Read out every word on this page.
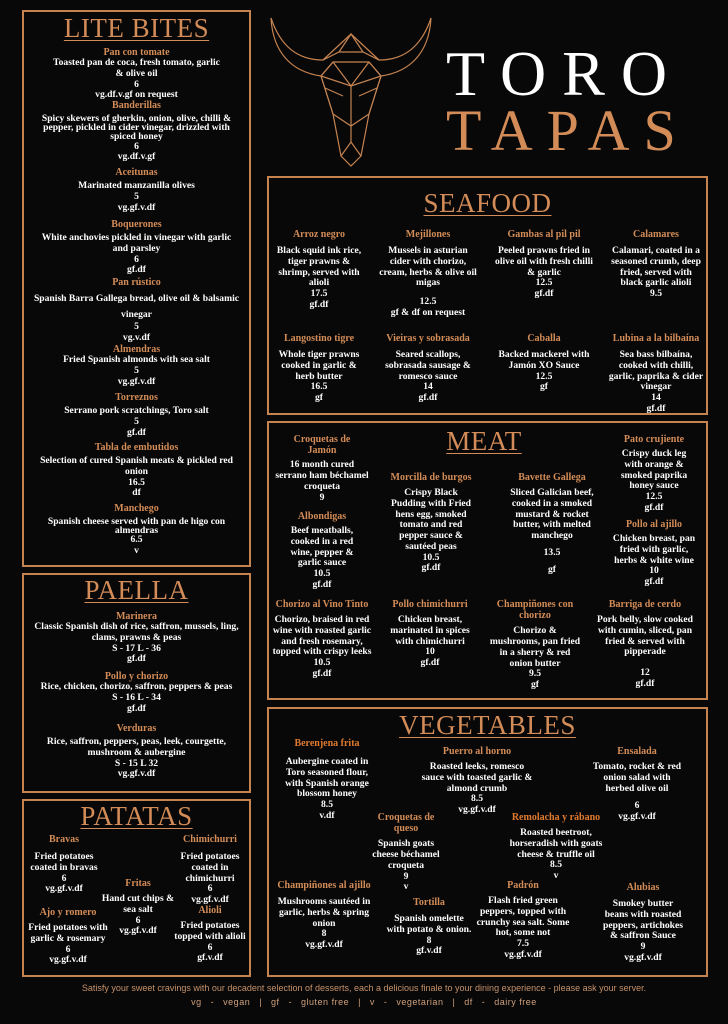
TORO
TAPAS
LITE BITES
PAELLA
PATATAS
SEAFOOD
MEAT
VEGETABLES
Pan con tomate
Toasted pan de coca, fresh tomato, garlic & olive oil
6
vg.df.v.gf on request
Banderillas
Spicy skewers of gherkin, onion, olive, chilli & pepper, pickled in cider vinegar, drizzled with spiced honey
6
vg.df.v.gf
Aceitunas
Marinated manzanilla olives
5
vg.gf.v.df
Boquerones
White anchovies pickled in vinegar with garlic and parsley
6
gf.df
Pan rústico
Spanish Barra Gallega bread, olive oil & balsamic vinegar
5
vg.v.df
Almendras
Fried Spanish almonds with sea salt
5
vg.gf.v.df
Torreznos
Serrano pork scratchings, Toro salt
5
gf.df
Tabla de embutidos
Selection of cured Spanish meats & pickled red onion
16.5
df
Manchego
Spanish cheese served with pan de higo con almendras
6.5
v
Marinera
Classic Spanish dish of rice, saffron, mussels, ling, clams, prawns & peas
S - 17 L - 36
gf.df
Pollo y chorizo
Rice, chicken, chorizo, saffron, peppers & peas
S - 16 L - 34
gf.df
Verduras
Rice, saffron, peppers, peas, leek, courgette, mushroom & aubergine
S - 15 L 32
vg.gf.v.df
Bravas
Fried potatoes coated in bravas
6
vg.gf.v.df
Chimichurri
Fried potatoes coated in chimichurri
6
vg.gf.v.df
Fritas
Hand cut chips & sea salt
6
vg.gf.v.df
Ajo y romero
Fried potatoes with garlic & rosemary
6
vg.gf.v.df
Alioli
Fried potatoes topped with alioli
6
gf.v.df
Arroz negro
Black squid ink rice, tiger prawns & shrimp, served with alioli
17.5
gf.df
Mejillones
Mussels in asturian cider with chorizo, cream, herbs & olive oil migas
12.5
gf & df on request
Gambas al pil pil
Peeled prawns fried in olive oil with fresh chilli & garlic
12.5
gf.df
Calamares
Calamari, coated in a seasoned crumb, deep fried, served with black garlic alioli
9.5
Langostino tigre
Whole tiger prawns cooked in garlic & herb butter
16.5
gf
Vieiras y sobrasada
Seared scallops, sobrasada sausage & romesco sauce
14
gf.df
Caballa
Backed mackerel with Jamón XO Sauce
12.5
gf
Lubina a la bilbaína
Sea bass bilbaína, cooked with chilli, garlic, paprika & cider vinegar
14
gf.df
Croquetas de Jamón
16 month cured serrano ham béchamel croqueta
9
Albondigas
Beef meatballs, cooked in a red wine, pepper & garlic sauce
10.5
gf.df
Morcilla de burgos
Crispy Black Pudding with Fried hens egg, smoked tomato and red pepper sauce & sautéed peas
10.5
gf.df
Bavette Gallega
Sliced Galician beef, cooked in a smoked mustard & rocket butter, with melted manchego
13.5
gf
Pato crujiente
Crispy duck leg with orange & smoked paprika honey sauce
12.5
gf.df
Pollo al ajillo
Chicken breast, pan fried with garlic, herbs & white wine
10
gf.df
Chorizo al Vino Tinto
Chorizo, braised in red wine with roasted garlic and fresh rosemary, topped with crispy leeks
10.5
gf.df
Pollo chimichurri
Chicken breast, marinated in spices with chimichurri
10
gf.df
Champiñones con chorizo
Chorizo & mushrooms, pan fried in a sherry & red onion butter
9.5
gf
Barriga de cerdo
Pork belly, slow cooked with cumin, sliced, pan fried & served with pipperade
12
gf.df
Berenjena frita
Aubergine coated in Toro seasoned flour, with Spanish orange blossom honey
8.5
v.df
Puerro al horno
Roasted leeks, romesco sauce with toasted garlic & almond crumb
8.5
vg.gf.v.df
Ensalada
Tomato, rocket & red onion salad with herbed olive oil
6
vg.gf.v.df
Croquetas de queso
Spanish goats cheese béchamel croqueta
9
v
Remolacha y rábano
Roasted beetroot, horseradish with goats cheese & truffle oil
8.5
v
Champiñones al ajillo
Mushrooms sautéed in garlic, herbs & spring onion
8
vg.gf.v.df
Tortilla
Spanish omelette with potato & onion.
8
gf.v.df
Padrón
Flash fried green peppers, topped with crunchy sea salt. Some hot, some not
7.5
vg.gf.v.df
Alubias
Smokey butter beans with roasted peppers, artichokes & saffron Sauce
9
vg.gf.v.df
Satisfy your sweet cravings with our decadent selection of desserts, each a delicious finale to your dining experience - please ask your server.
vg   -   vegan   |   gf   -   gluten free   |   v   -   vegetarian   |   df   -   dairy free
